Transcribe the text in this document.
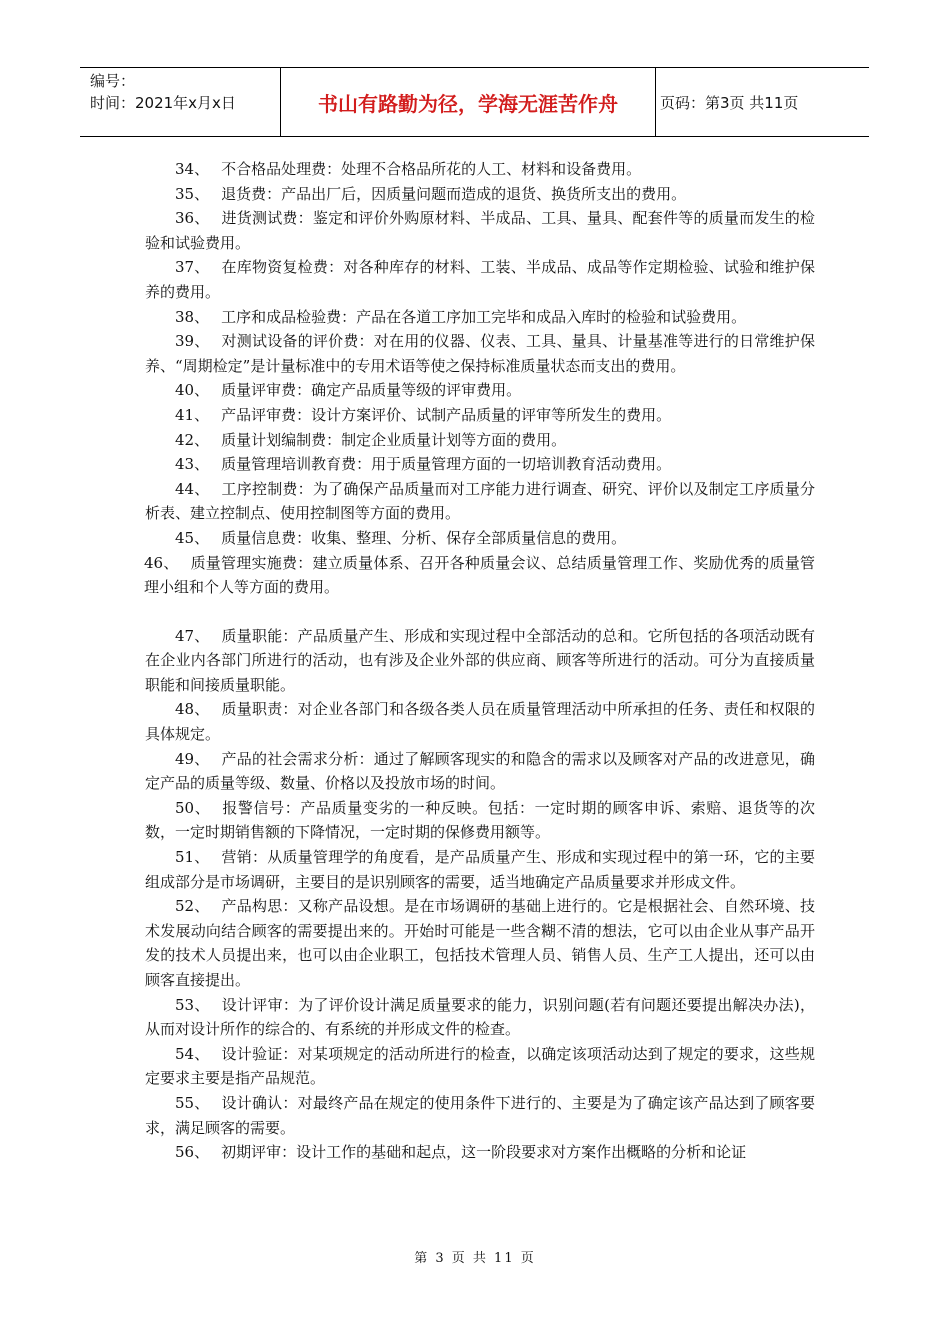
编号：
时间：2021年x月x日	书山有路勤为径，学海无涯苦作舟	页码：第3页 共11页

34、 不合格品处理费：处理不合格品所花的人工、材料和设备费用。

35、 退货费：产品出厂后，因质量问题而造成的退货、换货所支出的费用。

36、 进货测试费：鉴定和评价外购原材料、半成品、工具、量具、配套件等的质量而发生的检验和试验费用。

37、 在库物资复检费：对各种库存的材料、工装、半成品、成品等作定期检验、试验和维护保养的费用。

38、 工序和成品检验费：产品在各道工序加工完毕和成品入库时的检验和试验费用。

39、 对测试设备的评价费：对在用的仪器、仪表、工具、量具、计量基准等进行的日常维护保养、“周期检定”是计量标准中的专用术语等使之保持标准质量状态而支出的费用。

40、 质量评审费：确定产品质量等级的评审费用。

41、 产品评审费：设计方案评价、试制产品质量的评审等所发生的费用。

42、 质量计划编制费：制定企业质量计划等方面的费用。

43、 质量管理培训教育费：用于质量管理方面的一切培训教育活动费用。

44、 工序控制费：为了确保产品质量而对工序能力进行调查、研究、评价以及制定工序质量分析表、建立控制点、使用控制图等方面的费用。

45、 质量信息费：收集、整理、分析、保存全部质量信息的费用。

46、 质量管理实施费：建立质量体系、召开各种质量会议、总结质量管理工作、奖励优秀的质量管理小组和个人等方面的费用。

47、 质量职能：产品质量产生、形成和实现过程中全部活动的总和。它所包括的各项活动既有在企业内各部门所进行的活动，也有涉及企业外部的供应商、顾客等所进行的活动。可分为直接质量职能和间接质量职能。

48、 质量职责：对企业各部门和各级各类人员在质量管理活动中所承担的任务、责任和权限的具体规定。

49、 产品的社会需求分析：通过了解顾客现实的和隐含的需求以及顾客对产品的改进意见，确定产品的质量等级、数量、价格以及投放市场的时间。

50、 报警信号：产品质量变劣的一种反映。包括：一定时期的顾客申诉、索赔、退货等的次数，一定时期销售额的下降情况，一定时期的保修费用额等。

51、 营销：从质量管理学的角度看，是产品质量产生、形成和实现过程中的第一环，它的主要组成部分是市场调研，主要目的是识别顾客的需要，适当地确定产品质量要求并形成文件。

52、 产品构思：又称产品设想。是在市场调研的基础上进行的。它是根据社会、自然环境、技术发展动向结合顾客的需要提出来的。开始时可能是一些含糊不清的想法，它可以由企业从事产品开发的技术人员提出来，也可以由企业职工，包括技术管理人员、销售人员、生产工人提出，还可以由顾客直接提出。

53、 设计评审：为了评价设计满足质量要求的能力，识别问题(若有问题还要提出解决办法)，从而对设计所作的综合的、有系统的并形成文件的检查。

54、 设计验证：对某项规定的活动所进行的检查，以确定该项活动达到了规定的要求，这些规定要求主要是指产品规范。

55、 设计确认：对最终产品在规定的使用条件下进行的、主要是为了确定该产品达到了顾客要求，满足顾客的需要。

56、 初期评审：设计工作的基础和起点，这一阶段要求对方案作出概略的分析和论证

第 3 页 共 11 页
